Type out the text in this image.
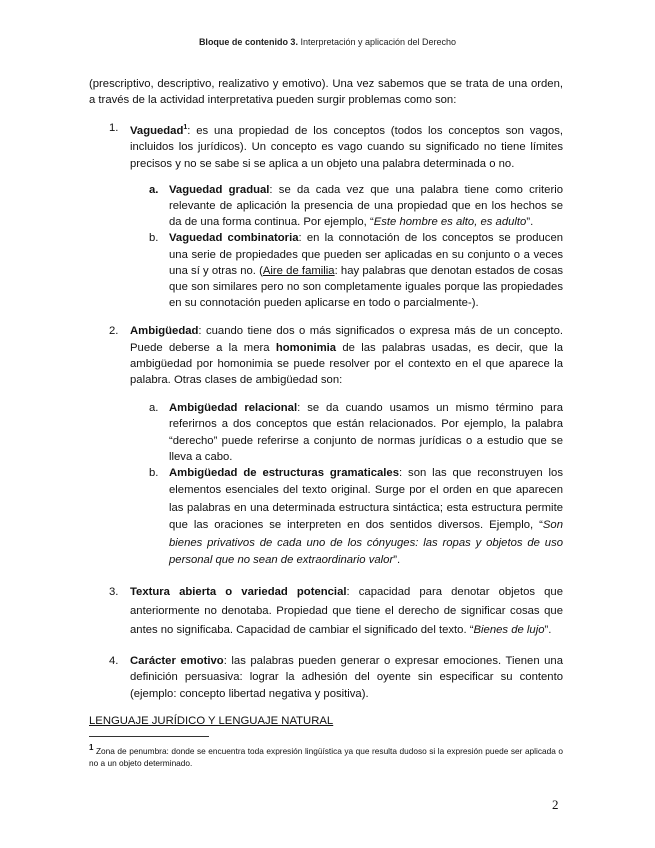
Bloque de contenido 3. Interpretación y aplicación del Derecho

(prescriptivo, descriptivo, realizativo y emotivo). Una vez sabemos que se trata de una orden, a través de la actividad interpretativa pueden surgir problemas como son:

1. Vaguedad$^1$: es una propiedad de los conceptos (todos los conceptos son vagos, incluidos los jurídicos). Un concepto es vago cuando su significado no tiene límites precisos y no se sabe si se aplica a un objeto una palabra determinada o no.

a. Vaguedad gradual: se da cada vez que una palabra tiene como criterio relevante de aplicación la presencia de una propiedad que en los hechos se da de una forma continua. Por ejemplo, “Este hombre es alto, es adulto”.

b. Vaguedad combinatoria: en la connotación de los conceptos se producen una serie de propiedades que pueden ser aplicadas en su conjunto o a veces una sí y otras no. (Aire de familia: hay palabras que denotan estados de cosas que son similares pero no son completamente iguales porque las propiedades en su connotación pueden aplicarse en todo o parcialmente-).

2. Ambigüedad: cuando tiene dos o más significados o expresa más de un concepto. Puede deberse a la mera homonimia de las palabras usadas, es decir, que la ambigüedad por homonimia se puede resolver por el contexto en el que aparece la palabra. Otras clases de ambigüedad son:

a. Ambigüedad relacional: se da cuando usamos un mismo término para referirnos a dos conceptos que están relacionados. Por ejemplo, la palabra “derecho” puede referirse a conjunto de normas jurídicas o a estudio que se lleva a cabo.

b. Ambigüedad de estructuras gramaticales: son las que reconstruyen los elementos esenciales del texto original. Surge por el orden en que aparecen las palabras en una determinada estructura sintáctica; esta estructura permite que las oraciones se interpreten en dos sentidos diversos. Ejemplo, “Son bienes privativos de cada uno de los cónyuges: las ropas y objetos de uso personal que no sean de extraordinario valor”.

3. Textura abierta o variedad potencial: capacidad para denotar objetos que anteriormente no denotaba. Propiedad que tiene el derecho de significar cosas que antes no significaba. Capacidad de cambiar el significado del texto. “Bienes de lujo”.

4. Carácter emotivo: las palabras pueden generar o expresar emociones. Tienen una definición persuasiva: lograr la adhesión del oyente sin especificar su contento (ejemplo: concepto libertad negativa y positiva).

LENGUAJE JURÍDICO Y LENGUAJE NATURAL
$^1$ Zona de penumbra: donde se encuentra toda expresión lingüística ya que resulta dudoso si la expresión puede ser aplicada o no a un objeto determinado.
2
